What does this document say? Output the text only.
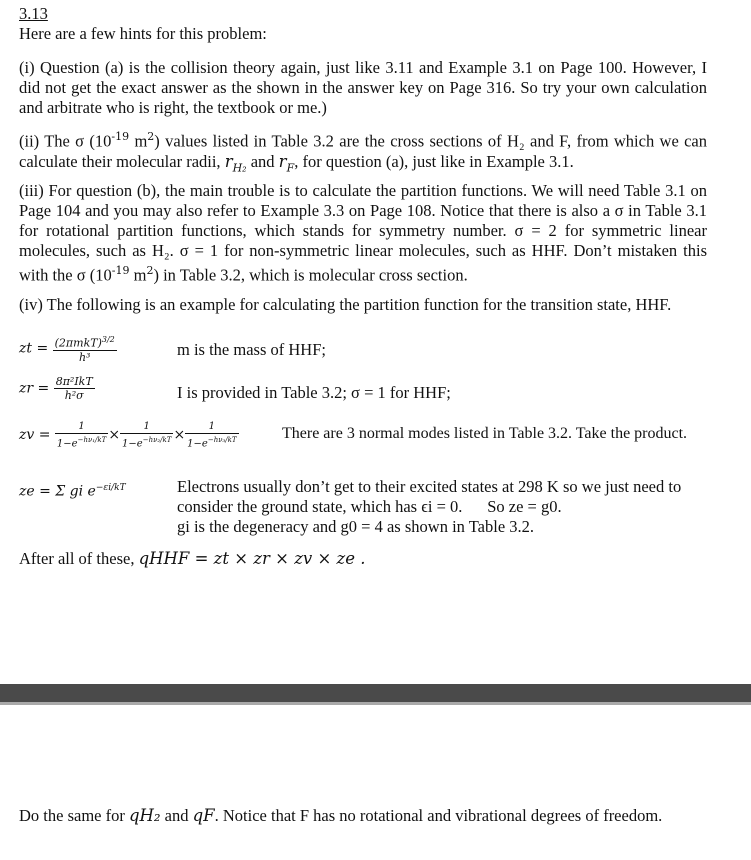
3.13
Here are a few hints for this problem:
(i) Question (a) is the collision theory again, just like 3.11 and Example 3.1 on Page 100. However, I did not get the exact answer as the shown in the answer key on Page 316. So try your own calculation and arbitrate who is right, the textbook or me.)
(ii) The σ ($10^{-19}$ $m^2$) values listed in Table 3.2 are the cross sections of H₂ and F, from which we can calculate their molecular radii, $r_{H_2}$ and $r_F$, for question (a), just like in Example 3.1.
(iii) For question (b), the main trouble is to calculate the partition functions. We will need Table 3.1 on Page 104 and you may also refer to Example 3.3 on Page 108. Notice that there is also a σ in Table 3.1 for rotational partition functions, which stands for symmetry number. σ = 2 for symmetric linear molecules, such as H₂. σ = 1 for non-symmetric linear molecules, such as HHF. Don’t mistaken this with the σ ($10^{-19}$ $m^2$) in Table 3.2, which is molecular cross section.
(iv) The following is an example for calculating the partition function for the transition state, HHF.
zt = $\frac{(2\pi mkT)^{3/2}}{\text{h³}}$	m is the mass of HHF;
zr = $\frac{\text{8π²IkT}}{\text{h²σ}}$	I is provided in Table 3.2; σ = 1 for HHF;
zv = $\frac{1}{1-e^{-h\nu_1/kT}} \times \frac{1}{1-e^{-h\nu_2/kT}} \times \frac{1}{1-e^{-h\nu_3/kT}}$	There are 3 normal modes listed in Table 3.2. Take the product.
ze = Σ gi $e^{-\varepsilon i/kT}$	Electrons usually don’t get to their excited states at 298 K so we just need to
consider the ground state, which has ϵi = 0. So ze = g0.
gi is the degeneracy and g0 = 4 as shown in Table 3.2.
After all of these, qHHF = zt × zr × zv × ze .
Do the same for qH₂ and qF. Notice that F has no rotational and vibrational degrees of freedom.
